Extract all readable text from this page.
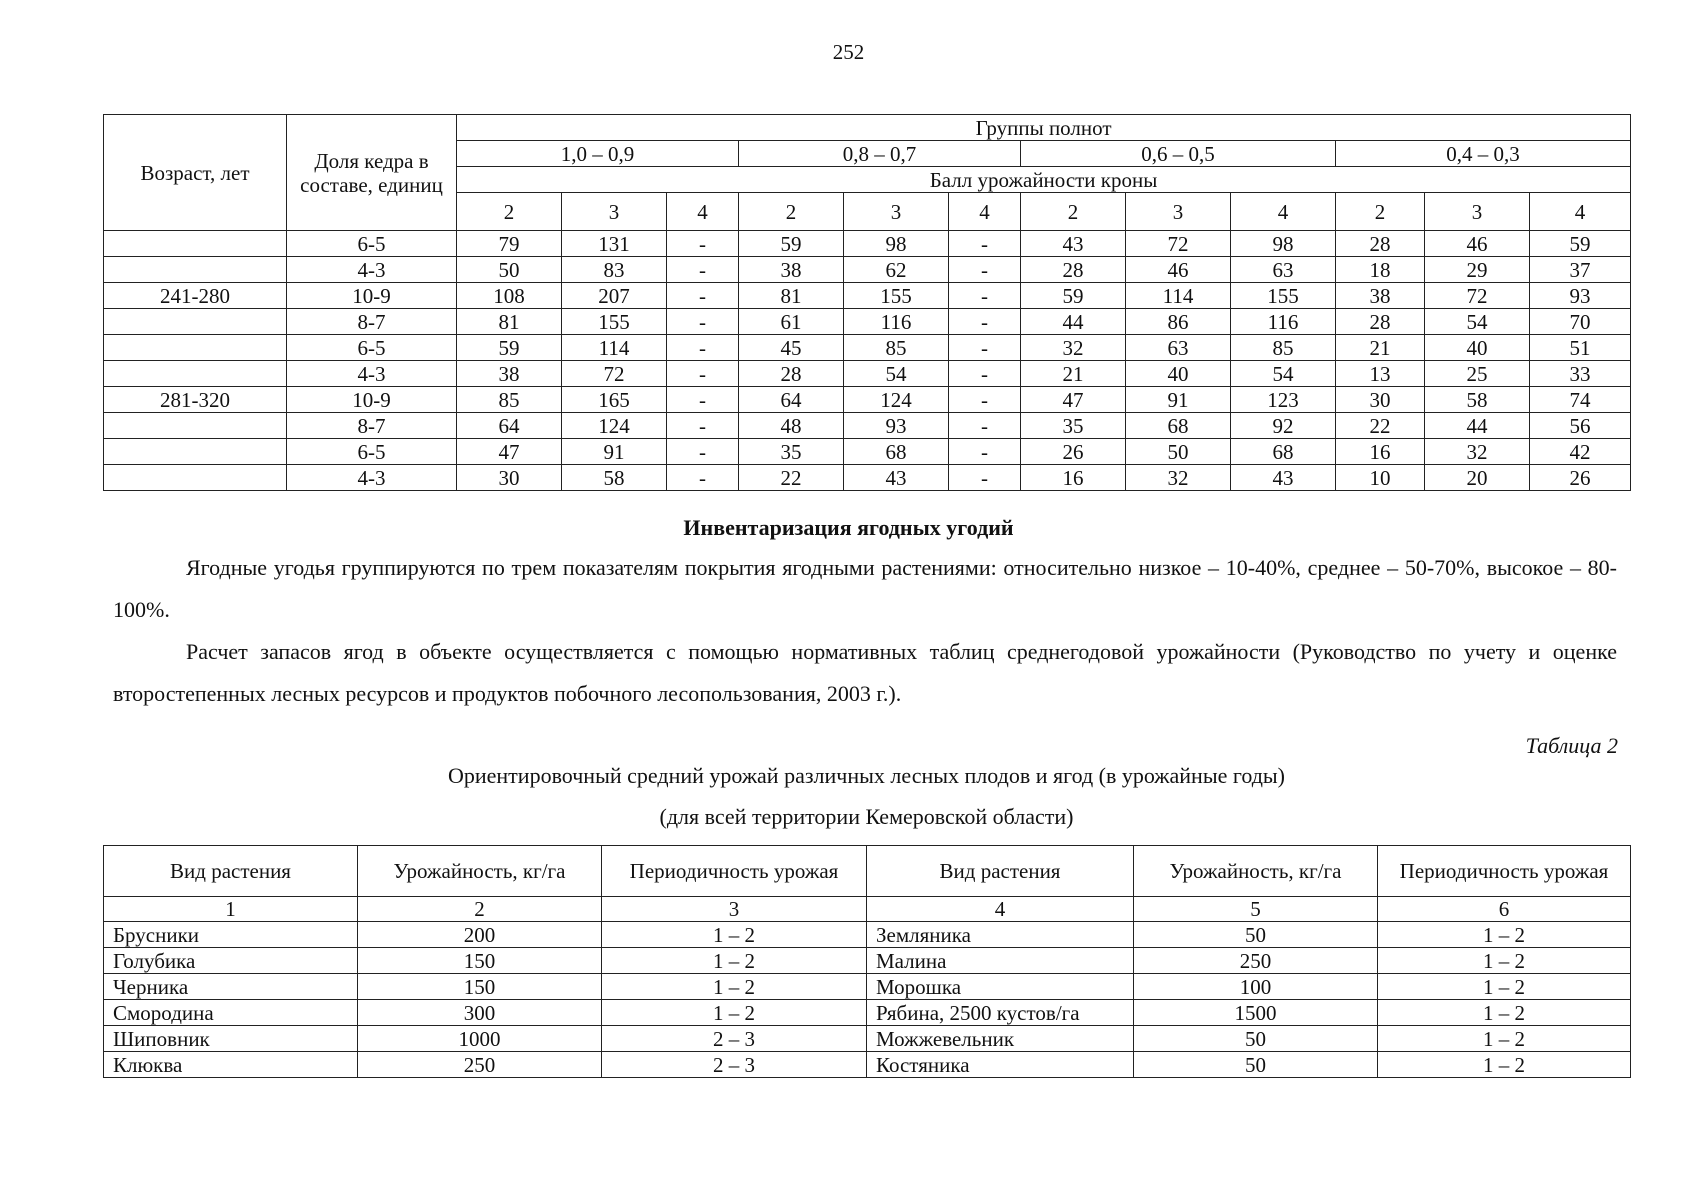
252
Возраст, лет	Доля кедра в составе, единиц	Группы полнот											
		1,0 – 0,9			0,8 – 0,7			0,6 – 0,5			0,4 – 0,3		
		Балл урожайности кроны											
		2	3	4	2	3	4	2	3	4	2	3	4
	6-5	79	131	-	59	98	-	43	72	98	28	46	59
	4-3	50	83	-	38	62	-	28	46	63	18	29	37
241-280	10-9	108	207	-	81	155	-	59	114	155	38	72	93
	8-7	81	155	-	61	116	-	44	86	116	28	54	70
	6-5	59	114	-	45	85	-	32	63	85	21	40	51
	4-3	38	72	-	28	54	-	21	40	54	13	25	33
281-320	10-9	85	165	-	64	124	-	47	91	123	30	58	74
	8-7	64	124	-	48	93	-	35	68	92	22	44	56
	6-5	47	91	-	35	68	-	26	50	68	16	32	42
	4-3	30	58	-	22	43	-	16	32	43	10	20	26
Инвентаризация ягодных угодий

Ягодные угодья группируются по трем показателям покрытия ягодными растениями: относительно низкое – 10-40%, среднее – 50-70%, высокое – 80-100%.

Расчет запасов ягод в объекте осуществляется с помощью нормативных таблиц среднегодовой урожайности (Руководство по учету и оценке второстепенных лесных ресурсов и продуктов побочного лесопользования, 2003 г.).

Таблица 2
Ориентировочный средний урожай различных лесных плодов и ягод (в урожайные годы)
(для всей территории Кемеровской области)
Вид растения	Урожайность, кг/га	Периодичность урожая	Вид растения	Урожайность, кг/га	Периодичность урожая
1	2	3	4	5	6
Брусники	200	1 – 2	Земляника	50	1 – 2
Голубика	150	1 – 2	Малина	250	1 – 2
Черника	150	1 – 2	Морошка	100	1 – 2
Смородина	300	1 – 2	Рябина, 2500 кустов/га	1500	1 – 2
Шиповник	1000	2 – 3	Можжевельник	50	1 – 2
Клюква	250	2 – 3	Костяника	50	1 – 2
